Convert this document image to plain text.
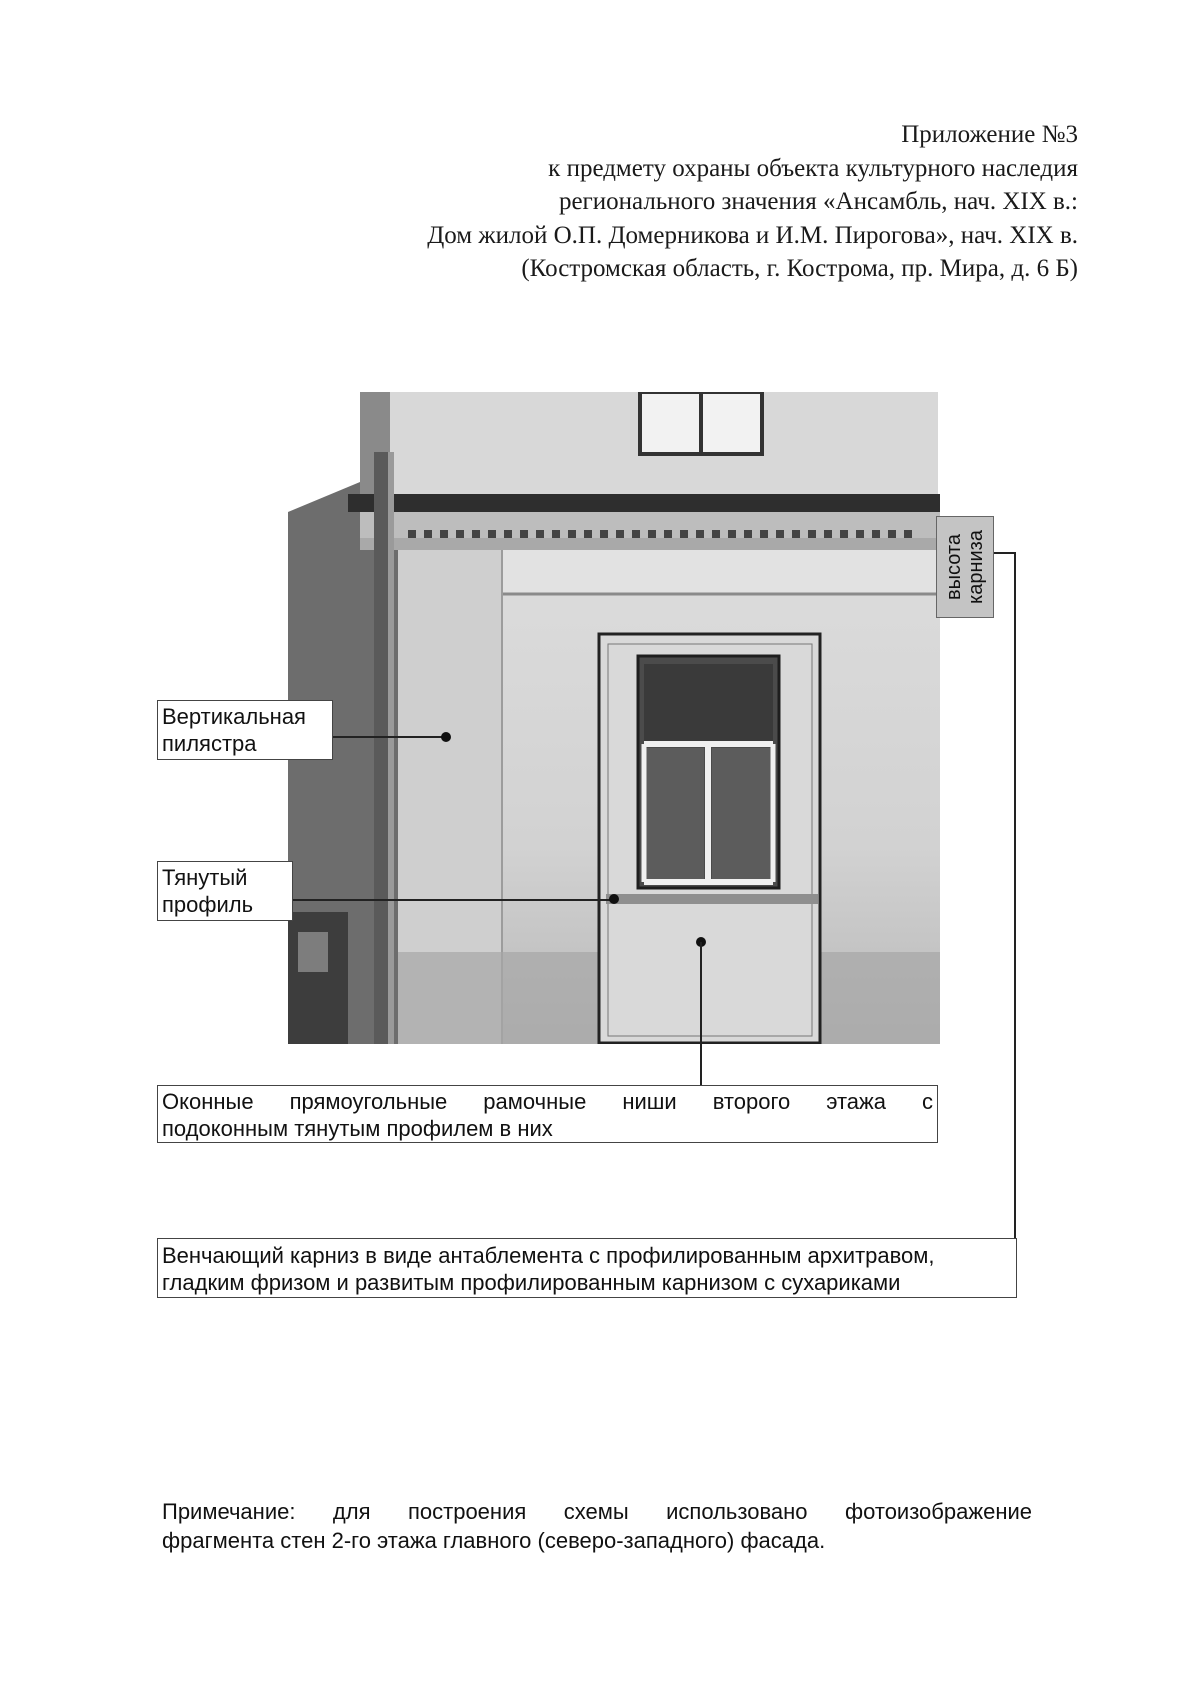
Приложение №3
к предмету охраны объекта культурного наследия
регионального значения «Ансамбль, нач. XIX в.:
Дом жилой О.П. Домерникова и И.М. Пирогова», нач. XIX в.
(Костромская область, г. Кострома, пр. Мира, д. 6 Б)
высота карниза
Вертикальная
пилястра
Тянутый
профиль
Оконные прямоугольные рамочные ниши второго этажа с
подоконным тянутым профилем в них
Венчающий карниз в виде антаблемента с профилированным архитравом,
гладким фризом и развитым профилированным карнизом с сухариками
Примечание: для построения схемы использовано фотоизображение
фрагмента стен 2-го этажа главного (северо-западного) фасада.
